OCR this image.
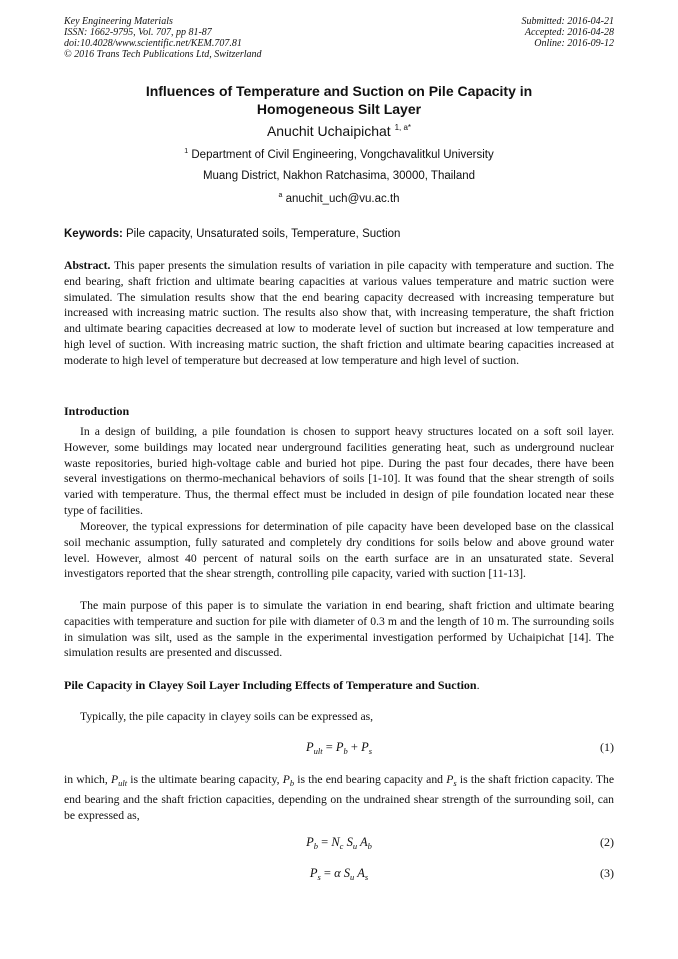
Key Engineering Materials
ISSN: 1662-9795, Vol. 707, pp 81-87
doi:10.4028/www.scientific.net/KEM.707.81
© 2016 Trans Tech Publications Ltd, Switzerland
Submitted: 2016-04-21
Accepted: 2016-04-28
Online: 2016-09-12
Influences of Temperature and Suction on Pile Capacity in
Homogeneous Silt Layer
Anuchit Uchaipichat $^{1, a*}$
$^1$ Department of Civil Engineering, Vongchavalitkul University
Muang District, Nakhon Ratchasima, 30000, Thailand
$^a$ anuchit_uch@vu.ac.th
Keywords: Pile capacity, Unsaturated soils, Temperature, Suction
Abstract. This paper presents the simulation results of variation in pile capacity with temperature and suction. The end bearing, shaft friction and ultimate bearing capacities at various values temperature and matric suction were simulated. The simulation results show that the end bearing capacity decreased with increasing temperature but increased with increasing matric suction. The results also show that, with increasing temperature, the shaft friction and ultimate bearing capacities decreased at low to moderate level of suction but increased at low temperature and high level of suction. With increasing matric suction, the shaft friction and ultimate bearing capacities increased at moderate to high level of temperature but decreased at low temperature and high level of suction.
Introduction
In a design of building, a pile foundation is chosen to support heavy structures located on a soft soil layer. However, some buildings may located near underground facilities generating heat, such as underground nuclear waste repositories, buried high-voltage cable and buried hot pipe. During the past four decades, there have been several investigations on thermo-mechanical behaviors of soils [1-10]. It was found that the shear strength of soils varied with temperature. Thus, the thermal effect must be included in design of pile foundation located near these type of facilities.
Moreover, the typical expressions for determination of pile capacity have been developed base on the classical soil mechanic assumption, fully saturated and completely dry conditions for soils below and above ground water level. However, almost 40 percent of natural soils on the earth surface are in an unsaturated state. Several investigators reported that the shear strength, controlling pile capacity, varied with suction [11-13].
The main purpose of this paper is to simulate the variation in end bearing, shaft friction and ultimate bearing capacities with temperature and suction for pile with diameter of 0.3 m and the length of 10 m. The surrounding soils in simulation was silt, used as the sample in the experimental investigation performed by Uchaipichat [14]. The simulation results are presented and discussed.
Pile Capacity in Clayey Soil Layer Including Effects of Temperature and Suction.
Typically, the pile capacity in clayey soils can be expressed as,
$P_{ult} = P_b + P_s$	(1)
in which, $P_{ult}$ is the ultimate bearing capacity, $P_b$ is the end bearing capacity and $P_s$ is the shaft friction capacity. The end bearing and the shaft friction capacities, depending on the undrained shear strength of the surrounding soil, can be expressed as,
$P_b = N_c$ $S_u$ $A_b$	(2)
$P_s = \alpha$ $S_u$ $A_s$	(3)
